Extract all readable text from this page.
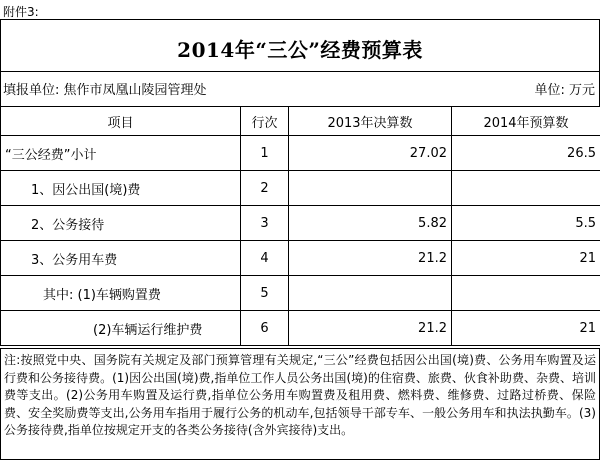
附件3:
2014年“三公”经费预算表
填报单位: 焦作市凤凰山陵园管理处	单位: 万元
项目	行次	2013年决算数	2014年预算数
“三公经费”小计	1	27.02	26.5
1、因公出国(境)费	2		
2、公务接待	3	5.82	5.5
3、公务用车费	4	21.2	21
其中: (1)车辆购置费	5		
(2)车辆运行维护费	6	21.2	21
注:按照党中央、国务院有关规定及部门预算管理有关规定,“三公”经费包括因公出国(境)费、公务用车购置及运行费和公务接待费。(1)因公出国(境)费,指单位工作人员公务出国(境)的住宿费、旅费、伙食补助费、杂费、培训费等支出。(2)公务用车购置及运行费,指单位公务用车购置费及租用费、燃料费、维修费、过路过桥费、保险费、安全奖励费等支出,公务用车指用于履行公务的机动车,包括领导干部专车、一般公务用车和执法执勤车。(3)公务接待费,指单位按规定开支的各类公务接待(含外宾接待)支出。
